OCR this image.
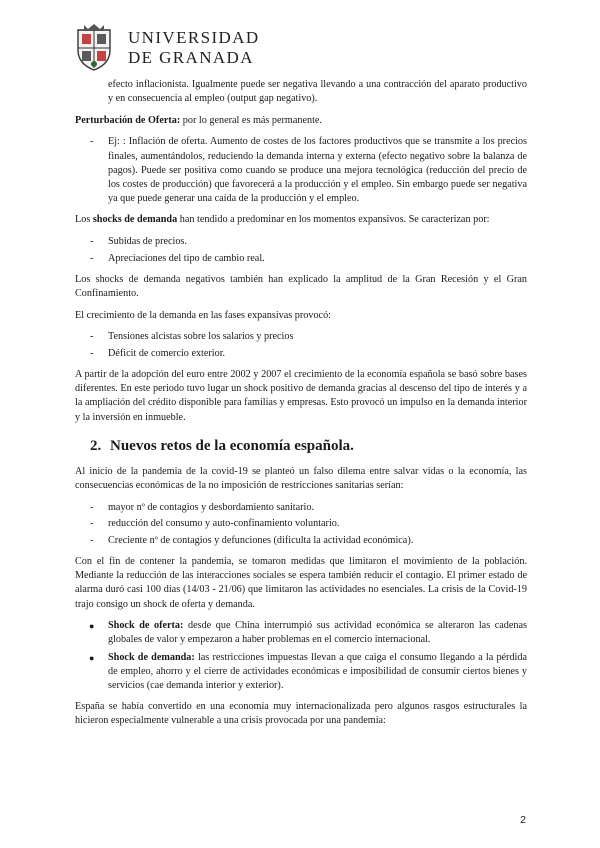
UNIVERSIDAD
DE GRANADA

efecto inflacionista. Igualmente puede ser negativa llevando a una contracción del aparato productivo y en consecuencia al empleo (output gap negativo).

Perturbación de Oferta: por lo general es más permanente.

- Ej: : Inflación de oferta. Aumento de costes de los factores productivos que se transmite a los precios finales, aumentándolos, reduciendo la demanda interna y externa (efecto negativo sobre la balanza de pagos). Puede ser positiva como cuando se produce una mejora tecnológica (reducción del precio de los costes de producción) que favorecerá a la producción y el empleo. Sin embargo puede ser negativa ya que puede generar una caída de la producción y el empleo.

Los shocks de demanda han tendido a predominar en los momentos expansivos. Se caracterizan por:

- Subidas de precios.
- Apreciaciones del tipo de cambio real.

Los shocks de demanda negativos también han explicado la amplitud de la Gran Recesión y el Gran Confinamiento.

El crecimiento de la demanda en las fases expansivas provocó:

- Tensiones alcistas sobre los salarios y precios
- Déficit de comercio exterior.

A partir de la adopción del euro entre 2002 y 2007 el crecimiento de la economía española se basó sobre bases diferentes. En este periodo tuvo lugar un shock positivo de demanda gracias al descenso del tipo de interés y a la ampliación del crédito disponible para familias y empresas. Esto provocó un impulso en la demanda interior y la inversión en inmueble.

2. Nuevos retos de la economía española.

Al inicio de la pandemia de la covid-19 se planteó un falso dilema entre salvar vidas o la economía, las consecuencias económicas de la no imposición de restricciones sanitarias serían:

- mayor nº de contagios y desbordamiento sanitario.
- reducción del consumo y auto-confinamiento voluntario.
- Creciente nº de contagios y defunciones (dificulta la actividad económica).

Con el fin de contener la pandemia, se tomaron medidas que limitaron el movimiento de la población. Mediante la reducción de las interacciones sociales se espera también reducir el contagio. El primer estado de alarma duró casi 100 días (14/03 - 21/06) que limitaron las actividades no esenciales. La crisis de la Covid-19 trajo consigo un shock de oferta y demanda.

● Shock de oferta: desde que China interrumpió sus actividad económica se alteraron las cadenas globales de valor y empezaron a haber problemas en el comercio internacional.
● Shock de demanda: las restricciones impuestas llevan a que caiga el consumo llegando a la pérdida de empleo, ahorro y el cierre de actividades económicas e imposibilidad de consumir ciertos bienes y servicios (cae demanda interior y exterior).

España se había convertido en una economía muy internacionalizada pero algunos rasgos estructurales la hicieron especialmente vulnerable a una crisis provocada por una pandemia:

2
